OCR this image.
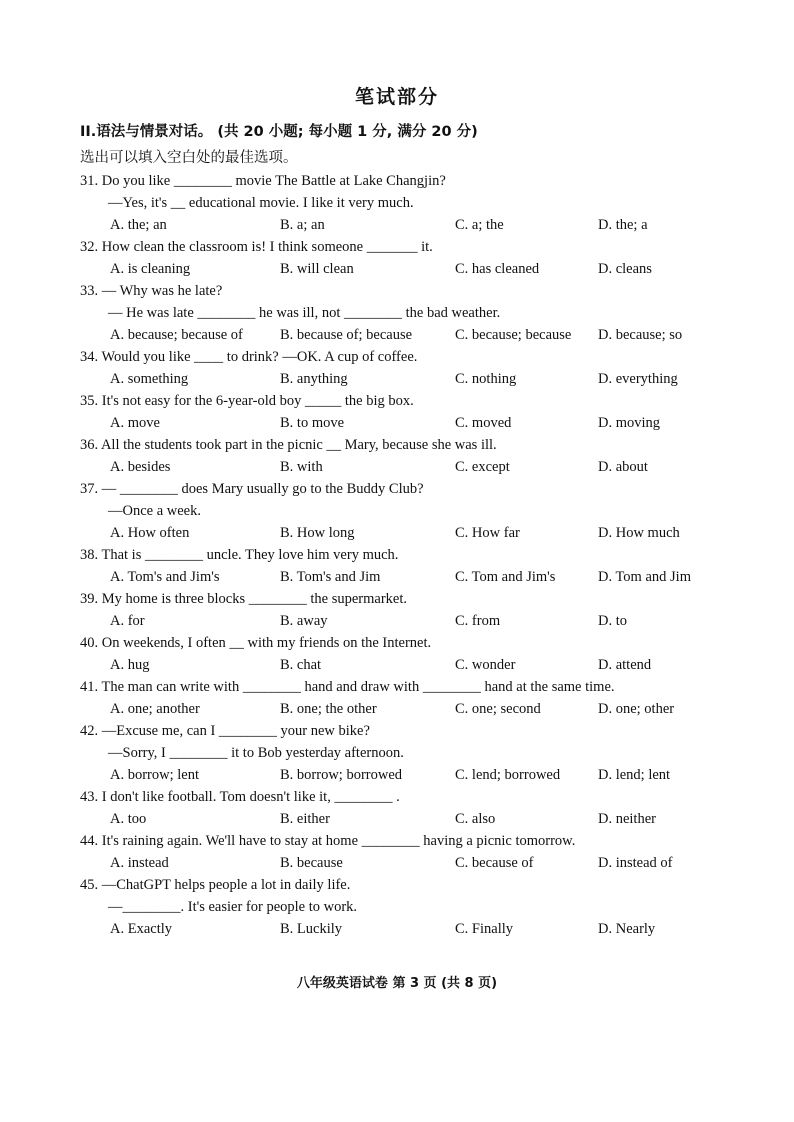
笔试部分
II.语法与情景对话。 (共 20 小题; 每小题 1 分, 满分 20 分)
选出可以填入空白处的最佳选项。
31. Do you like ________ movie The Battle at Lake Changjin?
—Yes, it's __ educational movie. I like it very much.
A. the; an	B. a; an	C. a; the	D. the; a
32. How clean the classroom is! I think someone _______ it.
A. is cleaning	B. will clean	C. has cleaned	D. cleans
33. — Why was he late?
— He was late ________ he was ill, not ________ the bad weather.
A. because; because of	B. because of; because	C. because; because D. because; so
34. Would you like ____ to drink? —OK. A cup of coffee.
A. something	B. anything	C. nothing	D. everything
35. It's not easy for the 6-year-old boy _____ the big box.
A. move	B. to move	C. moved	D. moving
36. All the students took part in the picnic __ Mary, because she was ill.
A. besides	B. with	C. except	D. about
37. — ________ does Mary usually go to the Buddy Club?
—Once a week.
A. How often	B. How long	C. How far	D. How much
38. That is ________ uncle. They love him very much.
A. Tom's and Jim's	B. Tom's and Jim	C. Tom and Jim's	D. Tom and Jim
39. My home is three blocks ________ the supermarket.
A. for	B. away	C. from	D. to
40. On weekends, I often __ with my friends on the Internet.
A. hug	B. chat	C. wonder	D. attend
41. The man can write with ________ hand and draw with ________ hand at the same time.
A. one; another	B. one; the other	C. one; second	D. one; other
42. —Excuse me, can I ________ your new bike?
—Sorry, I ________ it to Bob yesterday afternoon.
A. borrow; lent	B. borrow; borrowed	C. lend; borrowed	D. lend; lent
43. I don't like football. Tom doesn't like it, ________ .
A. too	B. either	C. also	D. neither
44. It's raining again. We'll have to stay at home ________ having a picnic tomorrow.
A. instead	B. because	C. because of	D. instead of
45. —ChatGPT helps people a lot in daily life.
—________. It's easier for people to work.
A. Exactly	B. Luckily	C. Finally	D. Nearly
八年级英语试卷 第 3 页 (共 8 页)
